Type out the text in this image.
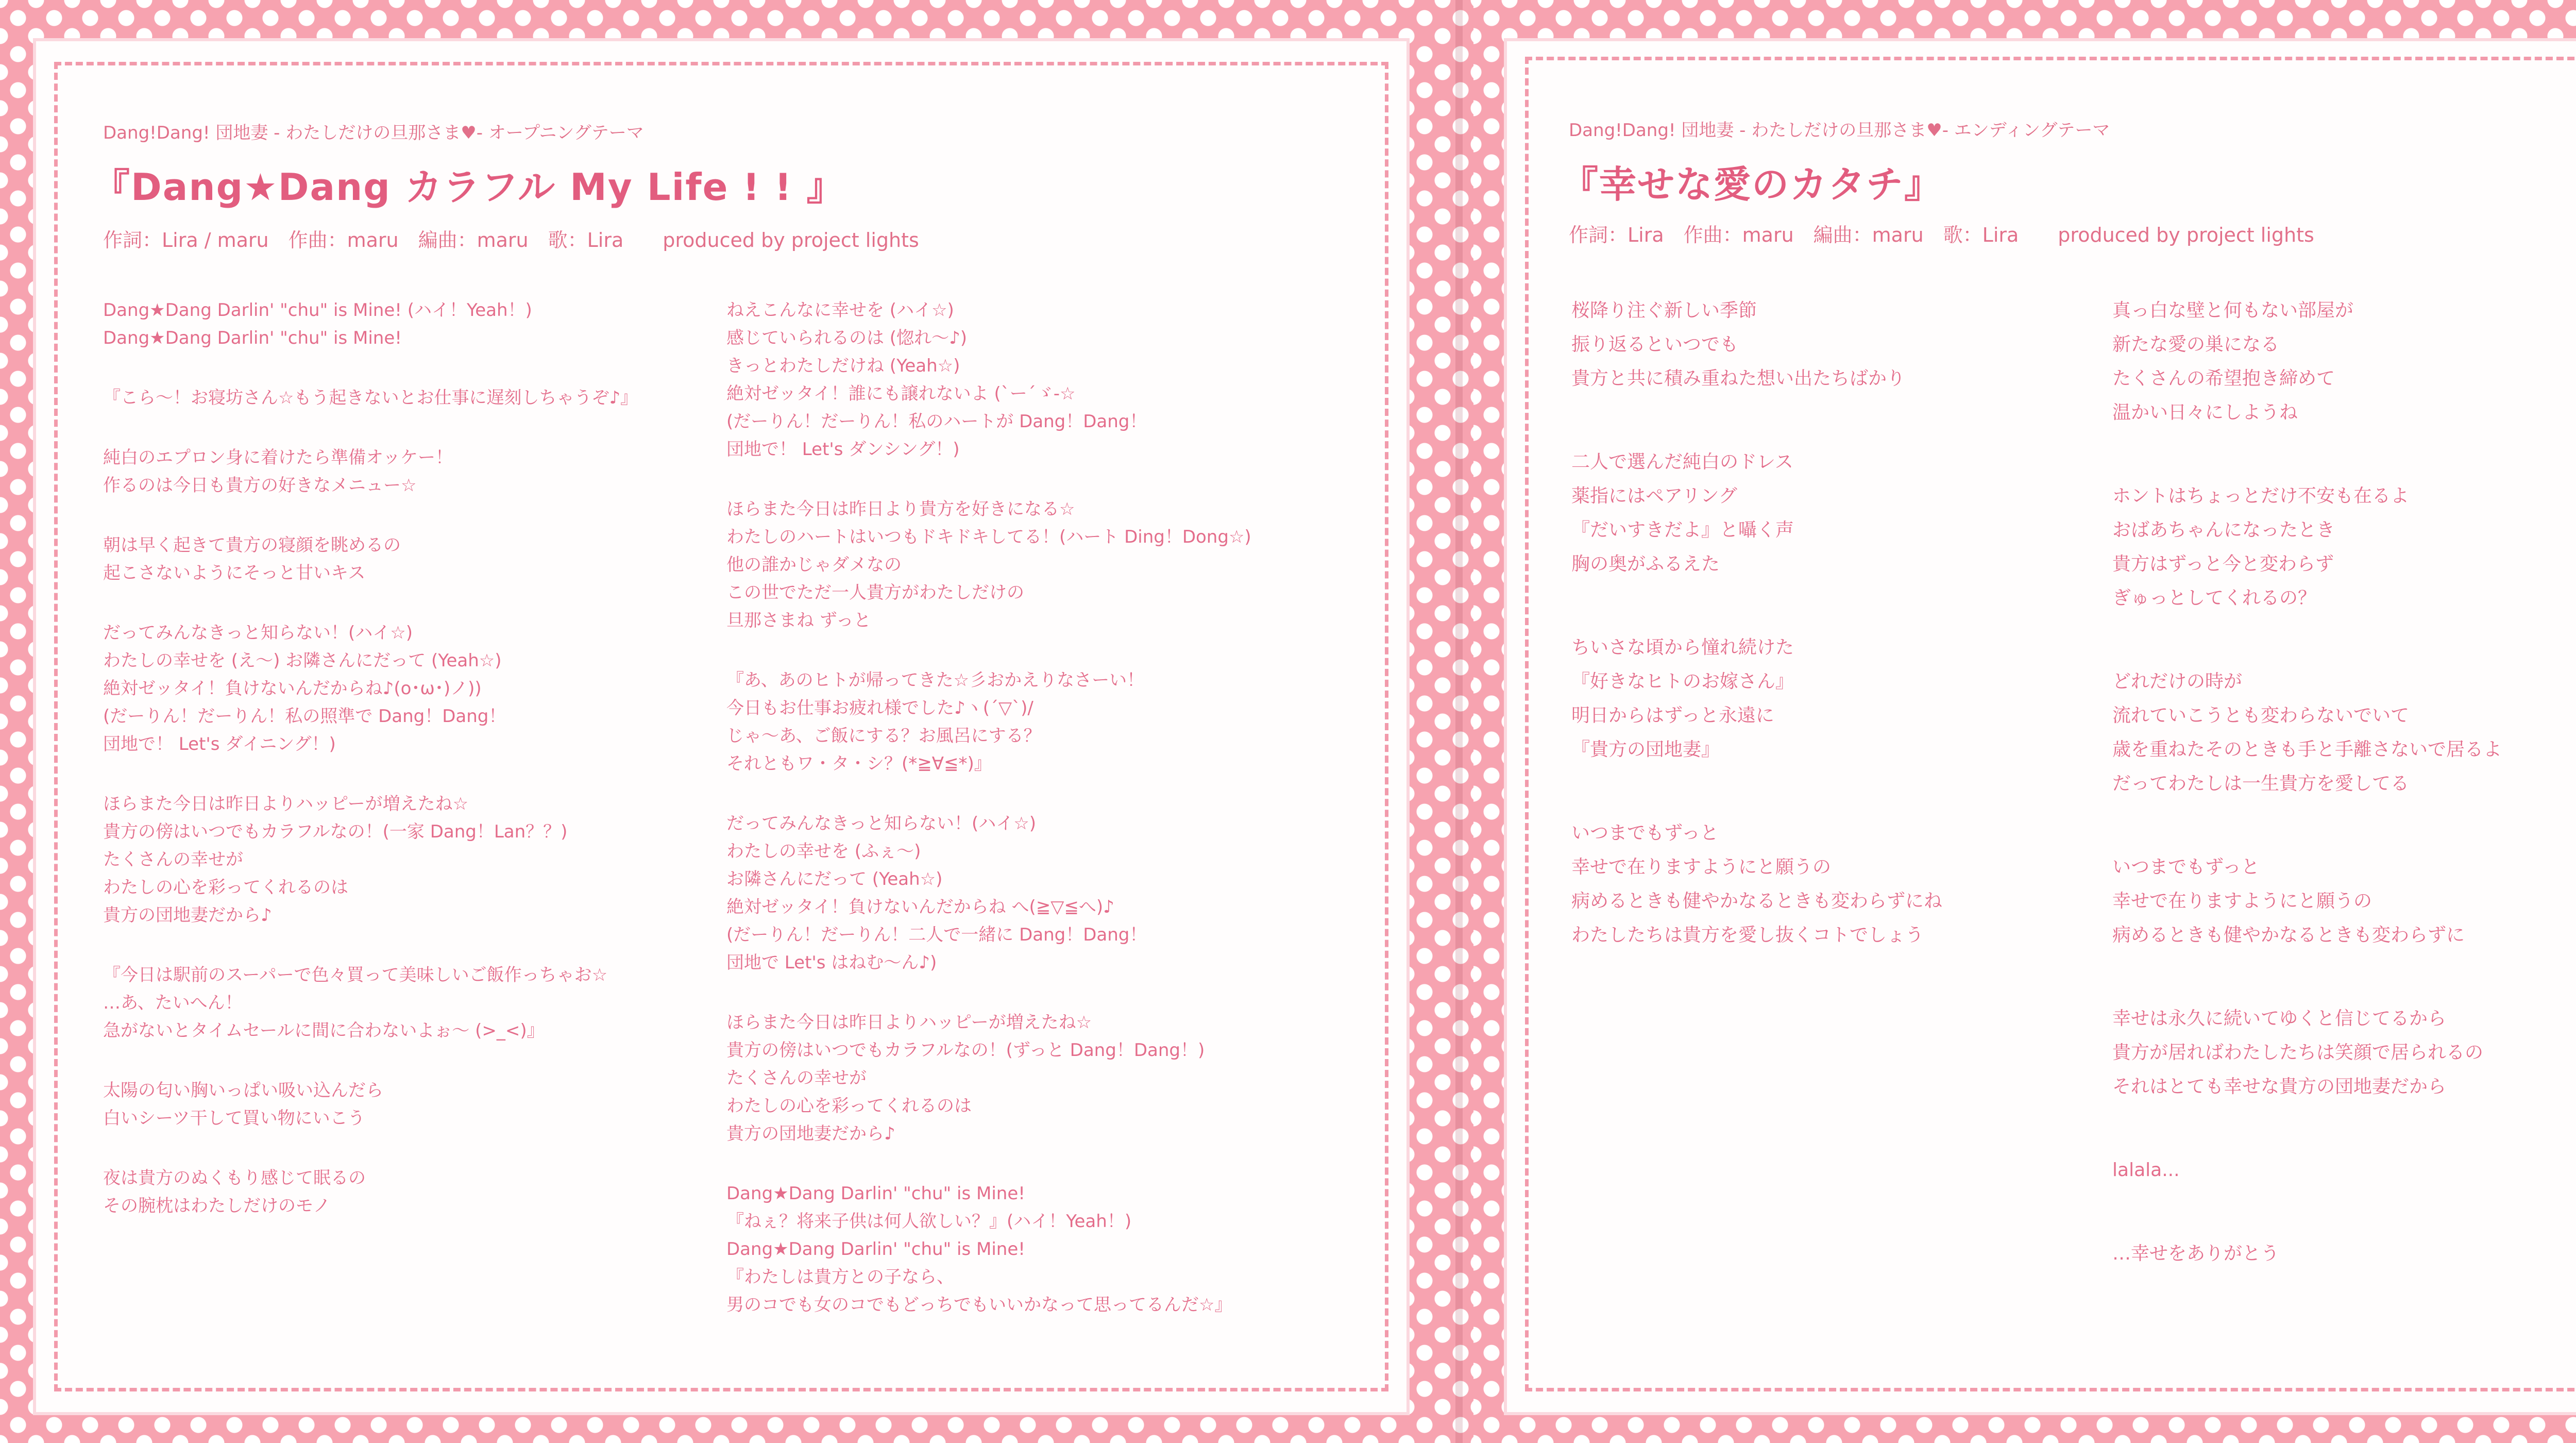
Dang!Dang! 団地妻 - わたしだけの旦那さま♥- オープニングテーマ
『Dang★Dang カラフル My Life ! ! 』
作詞：Lira / maru　作曲：maru　編曲：maru　歌：Lira　　produced by project lights
Dang★Dang Darlin' "chu" is Mine! (ハイ！Yeah！)
Dang★Dang Darlin' "chu" is Mine!
『こら～！お寝坊さん☆もう起きないとお仕事に遅刻しちゃうぞ♪』
純白のエプロン身に着けたら準備オッケー！
作るのは今日も貴方の好きなメニュー☆
朝は早く起きて貴方の寝顔を眺めるの
起こさないようにそっと甘いキス
だってみんなきっと知らない！(ハイ☆)
わたしの幸せを (え～) お隣さんにだって (Yeah☆)
絶対ゼッタイ！負けないんだからね♪(o･ω･)ノ))
(だーりん！だーりん！私の照準で Dang！Dang！
団地で！ Let's ダイニング！)
ほらまた今日は昨日よりハッピーが増えたね☆
貴方の傍はいつでもカラフルなの！(一家 Dang！Lan？？)
たくさんの幸せが
わたしの心を彩ってくれるのは
貴方の団地妻だから♪
『今日は駅前のスーパーで色々買って美味しいご飯作っちゃお☆
…あ、たいへん！
急がないとタイムセールに間に合わないよぉ～ (>_<)』
太陽の匂い胸いっぱい吸い込んだら
白いシーツ干して買い物にいこう
夜は貴方のぬくもり感じて眠るの
その腕枕はわたしだけのモノ
ねえこんなに幸せを (ハイ☆)
感じていられるのは (惚れ～♪)
きっとわたしだけね (Yeah☆)
絶対ゼッタイ！誰にも譲れないよ (`ー´ゞ-☆
(だーりん！だーりん！私のハートが Dang！Dang！
団地で！ Let's ダンシング！)
ほらまた今日は昨日より貴方を好きになる☆
わたしのハートはいつもドキドキしてる！(ハート Ding！Dong☆)
他の誰かじゃダメなの
この世でただ一人貴方がわたしだけの
旦那さまね ずっと
『あ、あのヒトが帰ってきた☆彡おかえりなさーい！
今日もお仕事お疲れ様でした♪ヽ(´▽`)/
じゃ～あ、ご飯にする？お風呂にする？
それともワ・タ・シ？(*≧∀≦*)』
だってみんなきっと知らない！(ハイ☆)
わたしの幸せを (ふぇ～)
お隣さんにだって (Yeah☆)
絶対ゼッタイ！負けないんだからね へ(≧▽≦へ)♪
(だーりん！だーりん！二人で一緒に Dang！Dang！
団地で Let's はねむ～ん♪)
ほらまた今日は昨日よりハッピーが増えたね☆
貴方の傍はいつでもカラフルなの！(ずっと Dang！Dang！)
たくさんの幸せが
わたしの心を彩ってくれるのは
貴方の団地妻だから♪
Dang★Dang Darlin' "chu" is Mine!
『ねぇ？将来子供は何人欲しい？』(ハイ！Yeah！)
Dang★Dang Darlin' "chu" is Mine!
『わたしは貴方との子なら、
男のコでも女のコでもどっちでもいいかなって思ってるんだ☆』
Dang!Dang! 団地妻 - わたしだけの旦那さま♥- エンディングテーマ
『幸せな愛のカタチ』
作詞：Lira　作曲：maru　編曲：maru　歌：Lira　　produced by project lights
桜降り注ぐ新しい季節
振り返るといつでも
貴方と共に積み重ねた想い出たちばかり
二人で選んだ純白のドレス
薬指にはペアリング
『だいすきだよ』と囁く声
胸の奥がふるえた
ちいさな頃から憧れ続けた
『好きなヒトのお嫁さん』
明日からはずっと永遠に
『貴方の団地妻』
いつまでもずっと
幸せで在りますようにと願うの
病めるときも健やかなるときも変わらずにね
わたしたちは貴方を愛し抜くコトでしょう
真っ白な壁と何もない部屋が
新たな愛の巣になる
たくさんの希望抱き締めて
温かい日々にしようね
ホントはちょっとだけ不安も在るよ
おばあちゃんになったとき
貴方はずっと今と変わらず
ぎゅっとしてくれるの？
どれだけの時が
流れていこうとも変わらないでいて
歳を重ねたそのときも手と手離さないで居るよ
だってわたしは一生貴方を愛してる
いつまでもずっと
幸せで在りますようにと願うの
病めるときも健やかなるときも変わらずに
幸せは永久に続いてゆくと信じてるから
貴方が居ればわたしたちは笑顔で居られるの
それはとても幸せな貴方の団地妻だから
lalala...
…幸せをありがとう
